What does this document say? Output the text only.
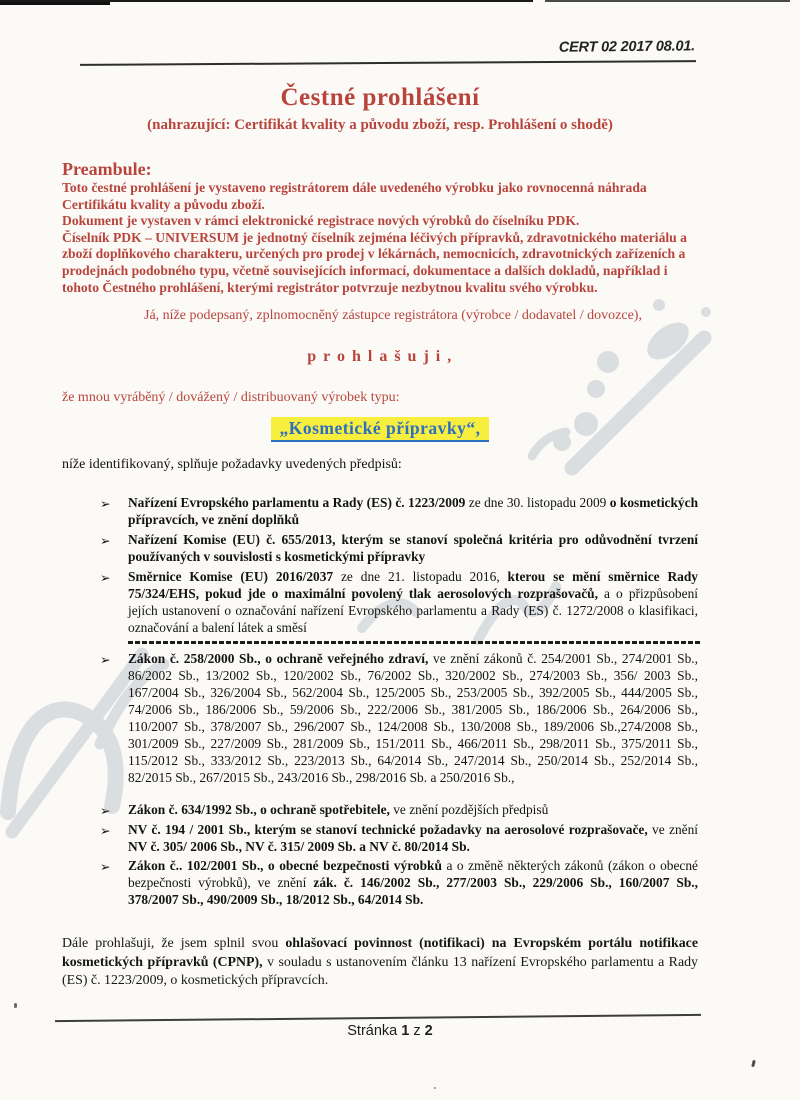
CERT 02 2017 08.01.
Čestné prohlášení
(nahrazující: Certifikát kvality a původu zboží, resp. Prohlášení o shodě)
Preambule:

Toto čestné prohlášení je vystaveno registrátorem dále uvedeného výrobku jako rovnocenná náhrada Certifikátu kvality a původu zboží.

Dokument je vystaven v rámci elektronické registrace nových výrobků do číselníku PDK.

Číselník PDK – UNIVERSUM je jednotný číselník zejména léčivých přípravků, zdravotnického materiálu a zboží doplňkového charakteru, určených pro prodej v lékárnách, nemocnicích, zdravotnických zařízeních a prodejnách podobného typu, včetně souvisejících informací, dokumentace a dalších dokladů, například i tohoto Čestného prohlášení, kterými registrátor potvrzuje nezbytnou kvalitu svého výrobku.

Já, níže podepsaný, zplnomocněný zástupce registrátora (výrobce / dodavatel / dovozce),
p r o h l a š u j i ,
že mnou vyráběný / dovážený / distribuovaný výrobek typu:
„Kosmetické přípravky“,
níže identifikovaný, splňuje požadavky uvedených předpisů:
➢	Nařízení Evropského parlamentu a Rady (ES) č. 1223/2009 ze dne 30. listopadu 2009 o kosmetických přípravcích, ve znění doplňků
➢	Nařízení Komise (EU) č. 655/2013, kterým se stanoví společná kritéria pro odůvodnění tvrzení používaných v souvislosti s kosmetickými přípravky
➢	Směrnice Komise (EU) 2016/2037 ze dne 21. listopadu 2016, kterou se mění směrnice Rady 75/324/EHS, pokud jde o maximální povolený tlak aerosolových rozprašovačů, a o přizpůsobení jejích ustanovení o označování nařízení Evropského parlamentu a Rady (ES) č. 1272/2008 o klasifikaci, označování a balení látek a směsí
➢	Zákon č. 258/2000 Sb., o ochraně veřejného zdraví, ve znění zákonů č. 254/2001 Sb., 274/2001 Sb., 86/2002 Sb., 13/2002 Sb., 120/2002 Sb., 76/2002 Sb., 320/2002 Sb., 274/2003 Sb., 356/ 2003 Sb., 167/2004 Sb., 326/2004 Sb., 562/2004 Sb., 125/2005 Sb., 253/2005 Sb., 392/2005 Sb., 444/2005 Sb., 74/2006 Sb., 186/2006 Sb., 59/2006 Sb., 222/2006 Sb., 381/2005 Sb., 186/2006 Sb., 264/2006 Sb., 110/2007 Sb., 378/2007 Sb., 296/2007 Sb., 124/2008 Sb., 130/2008 Sb., 189/2006 Sb.,274/2008 Sb., 301/2009 Sb., 227/2009 Sb., 281/2009 Sb., 151/2011 Sb., 466/2011 Sb., 298/2011 Sb., 375/2011 Sb., 115/2012 Sb., 333/2012 Sb., 223/2013 Sb., 64/2014 Sb., 247/2014 Sb., 250/2014 Sb., 252/2014 Sb., 82/2015 Sb., 267/2015 Sb., 243/2016 Sb., 298/2016 Sb. a 250/2016 Sb.,
➢	Zákon č. 634/1992 Sb., o ochraně spotřebitele, ve znění pozdějších předpisů
➢	NV č. 194 / 2001 Sb., kterým se stanoví technické požadavky na aerosolové rozprašovače, ve znění NV č. 305/ 2006 Sb., NV č. 315/ 2009 Sb. a NV č. 80/2014 Sb.
➢	Zákon č.. 102/2001 Sb., o obecné bezpečnosti výrobků a o změně některých zákonů (zákon o obecné bezpečnosti výrobků), ve znění zák. č. 146/2002 Sb., 277/2003 Sb., 229/2006 Sb., 160/2007 Sb., 378/2007 Sb., 490/2009 Sb., 18/2012 Sb., 64/2014 Sb.

Dále prohlašuji, že jsem splnil svou ohlašovací povinnost (notifikaci) na Evropském portálu notifikace kosmetických přípravků (CPNP), v souladu s ustanovením článku 13 nařízení Evropského parlamentu a Rady (ES) č. 1223/2009, o kosmetických přípravcích.

Stránka 1 z 2
